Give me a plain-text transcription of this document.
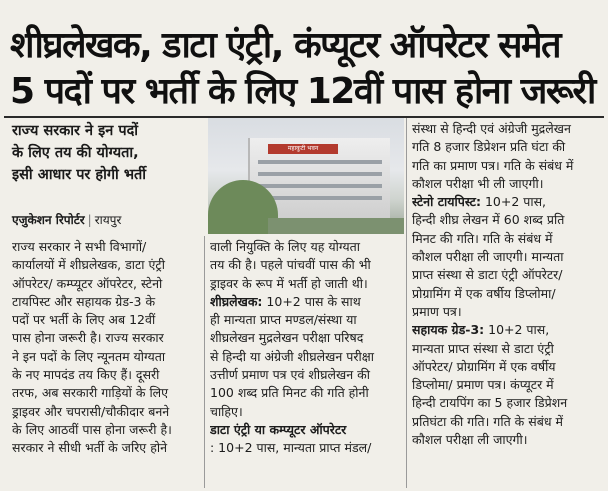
शीघ्रलेखक, डाटा एंट्री, कंप्यूटर ऑपरेटर समेत
5 पदों पर भर्ती के लिए 12वीं पास होना जरूरी
राज्य सरकार ने इन पदों
के लिए तय की योग्यता,
इसी आधार पर होगी भर्ती
महाकुटी भवन
एजुकेशन रिपोर्टर | रायपुर
राज्य सरकार ने सभी विभागों/
कार्यालयों में शीघ्रलेखक, डाटा एंट्री
ऑपरेटर/ कम्प्यूटर ऑपरेटर, स्टेनो
टायपिस्ट और सहायक ग्रेड-3 के
पदों पर भर्ती के लिए अब 12वीं
पास होना जरूरी है। राज्य सरकार
ने इन पदों के लिए न्यूनतम योग्यता
के नए मापदंड तय किए हैं। दूसरी
तरफ, अब सरकारी गाड़ियों के लिए
ड्राइवर और चपरासी/चौकीदार बनने
के लिए आठवीं पास होना जरूरी है।
सरकार ने सीधी भर्ती के जरिए होने
वाली नियुक्ति के लिए यह योग्यता
तय की है। पहले पांचवीं पास की भी
ड्राइवर के रूप में भर्ती हो जाती थी।
शीघ्रलेखक: 10+2 पास के साथ
ही मान्यता प्राप्त मण्डल/संस्था या
शीघ्रलेखन मुद्रलेखन परीक्षा परिषद
से हिन्दी या अंग्रेजी शीघ्रलेखन परीक्षा
उत्तीर्ण प्रमाण पत्र एवं शीघ्रलेखन की
100 शब्द प्रति मिनट की गति होनी
चाहिए।
डाटा एंट्री या कम्प्यूटर ऑपरेटर
: 10+2 पास, मान्यता प्राप्त मंडल/
संस्था से हिन्दी एवं अंग्रेजी मुद्रलेखन
गति 8 हजार डिप्रेशन प्रति घंटा की
गति का प्रमाण पत्र। गति के संबंध में
कौशल परीक्षा भी ली जाएगी।
स्टेनो टायपिस्ट: 10+2 पास,
हिन्दी शीघ्र लेखन में 60 शब्द प्रति
मिनट की गति। गति के संबंध में
कौशल परीक्षा ली जाएगी। मान्यता
प्राप्त संस्था से डाटा एंट्री ऑपरेटर/
प्रोग्रामिंग में एक वर्षीय डिप्लोमा/
प्रमाण पत्र।
सहायक ग्रेड-3: 10+2 पास,
मान्यता प्राप्त संस्था से डाटा एंट्री
ऑपरेटर/ प्रोग्रामिंग में एक वर्षीय
डिप्लोमा/ प्रमाण पत्र। कंप्यूटर में
हिन्दी टायपिंग का 5 हजार डिप्रेशन
प्रतिघंटा की गति। गति के संबंध में
कौशल परीक्षा ली जाएगी।
